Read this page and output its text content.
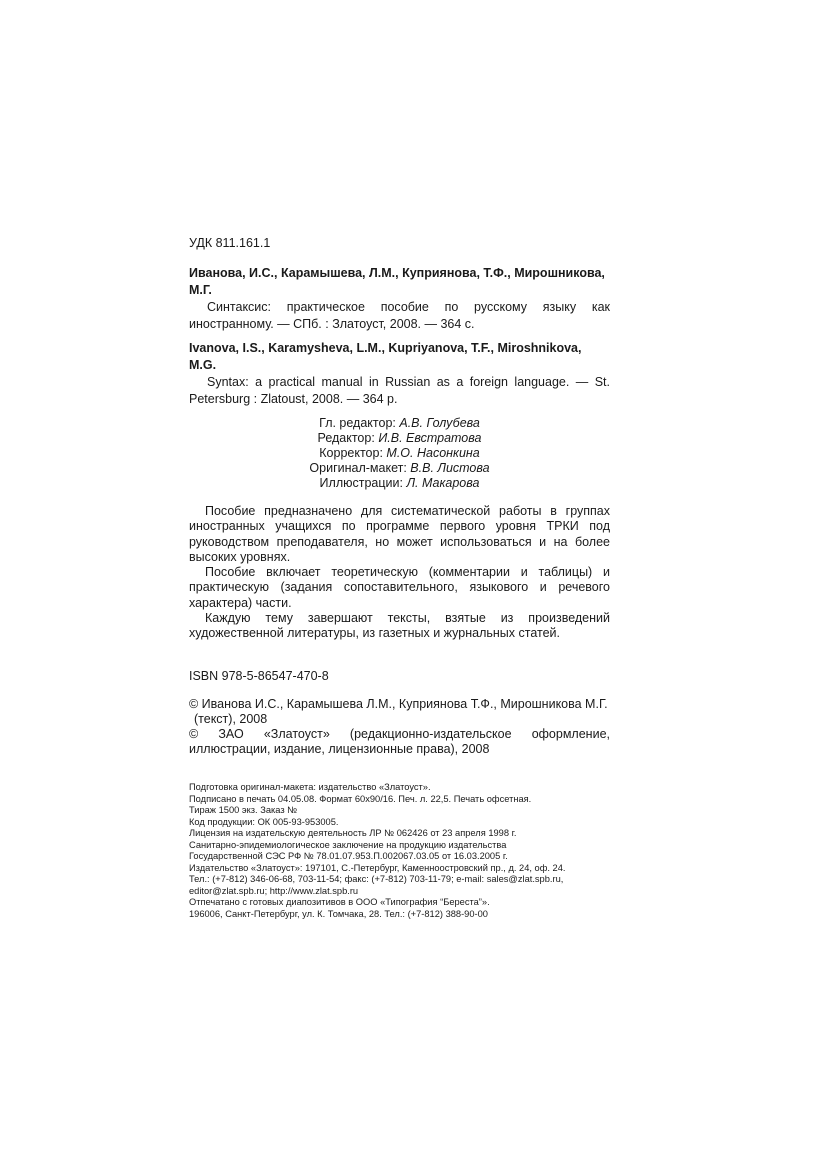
УДК 811.161.1
Иванова, И.С., Карамышева, Л.М., Куприянова, Т.Ф., Мирошникова, М.Г.
Синтаксис: практическое пособие по русскому языку как иностранному. — СПб. : Златоуст, 2008. — 364 с.
Ivanova, I.S., Karamysheva, L.M., Kupriyanova, T.F., Miroshnikova, M.G.
Syntax: a practical manual in Russian as a foreign language. — St. Petersburg : Zlatoust, 2008. — 364 p.
Гл. редактор: А.В. Голубева
Редактор: И.В. Евстратова
Корректор: М.О. Насонкина
Оригинал-макет: В.В. Листова
Иллюстрации: Л. Макарова

Пособие предназначено для систематической работы в группах иностранных учащихся по программе первого уровня ТРКИ под руководством преподавателя, но может использоваться и на более высоких уровнях.

Пособие включает теоретическую (комментарии и таблицы) и практическую (задания сопоставительного, языкового и речевого характера) части.

Каждую тему завершают тексты, взятые из произведений художественной литературы, из газетных и журнальных статей.

ISBN 978-5-86547-470-8

© Иванова И.С., Карамышева Л.М., Куприянова Т.Ф., Мирошникова М.Г.

(текст), 2008

© ЗАО «Златоуст» (редакционно-издательское оформление, иллюстрации, издание, лицензионные права), 2008

Подготовка оригинал-макета: издательство «Златоуст».
Подписано в печать 04.05.08. Формат 60x90/16. Печ. л. 22,5. Печать офсетная.
Тираж 1500 экз. Заказ №
Код продукции: ОК 005-93-953005.
Лицензия на издательскую деятельность ЛР № 062426 от 23 апреля 1998 г.
Санитарно-эпидемиологическое заключение на продукцию издательства
Государственной СЭС РФ № 78.01.07.953.П.002067.03.05 от 16.03.2005 г.
Издательство «Златоуст»: 197101, С.-Петербург, Каменноостровский пр., д. 24, оф. 24.
Тел.: (+7-812) 346-06-68, 703-11-54; факс: (+7-812) 703-11-79; e-mail: sales@zlat.spb.ru,
editor@zlat.spb.ru; http://www.zlat.spb.ru
Отпечатано с готовых диапозитивов в ООО «Типография “Береста”».
196006, Санкт-Петербург, ул. К. Томчака, 28. Тел.: (+7-812) 388-90-00
